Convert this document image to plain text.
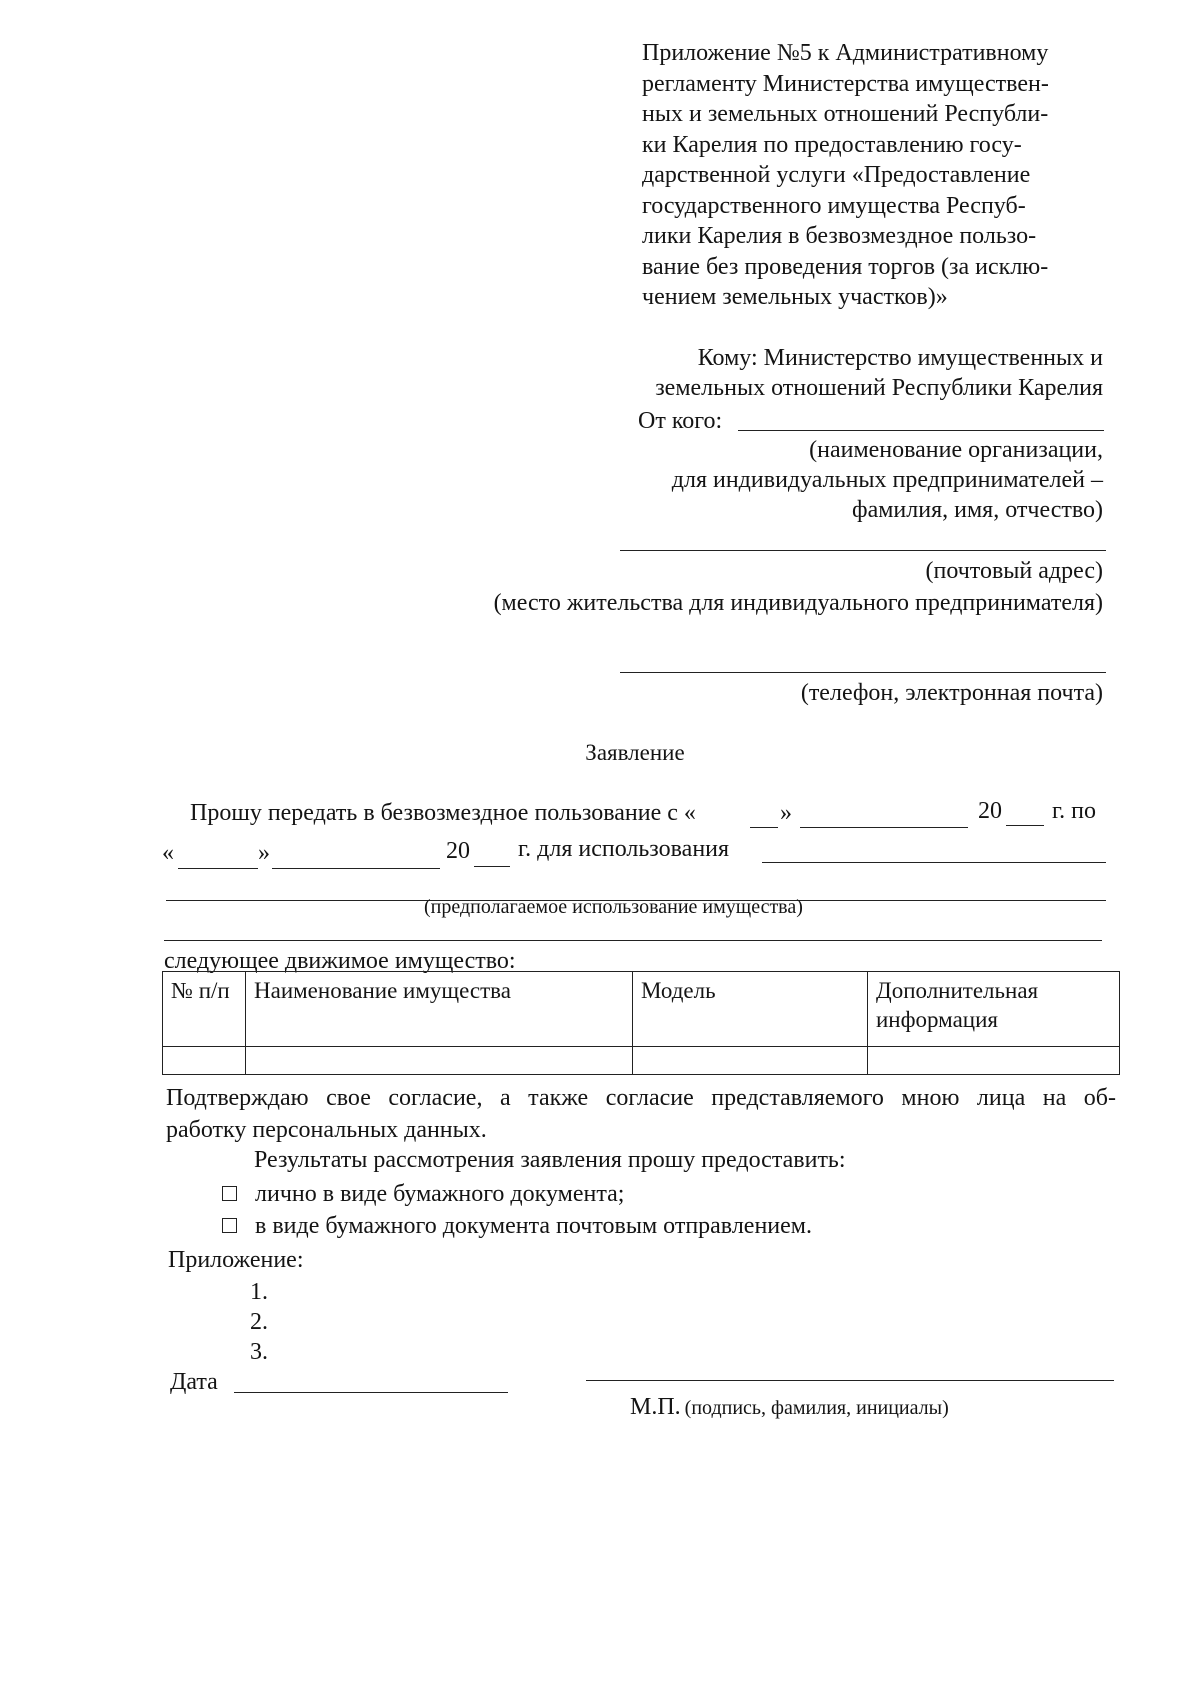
Приложение №5 к Административному
регламенту Министерства имуществен-
ных и земельных отношений Республи-
ки Карелия по предоставлению госу-
дарственной услуги «Предоставление
государственного имущества Респуб-
лики Карелия в безвозмездное пользо-
вание без проведения торгов (за исклю-
чением земельных участков)»
Кому: Министерство имущественных и
земельных отношений Республики Карелия
От кого:
(наименование организации,
для индивидуальных предпринимателей –
фамилия, имя, отчество)
(почтовый адрес)
(место жительства для индивидуального предпринимателя)
(телефон, электронная почта)
Заявление
Прошу передать в безвозмездное пользование с «	»	20 г. по
«	»	20 г. для использования
(предполагаемое использование имущества)
следующее движимое имущество:
№ п/п	Наименование имущества	Модель	Дополнительная информация

Подтверждаю свое согласие, а также согласие представляемого мною лица на об-
работку персональных данных.
Результаты рассмотрения заявления прошу предоставить:
лично в виде бумажного документа;
в виде бумажного документа почтовым отправлением.
Приложение:
1.
2.
3.
Дата
М.П. (подпись, фамилия, инициалы)
